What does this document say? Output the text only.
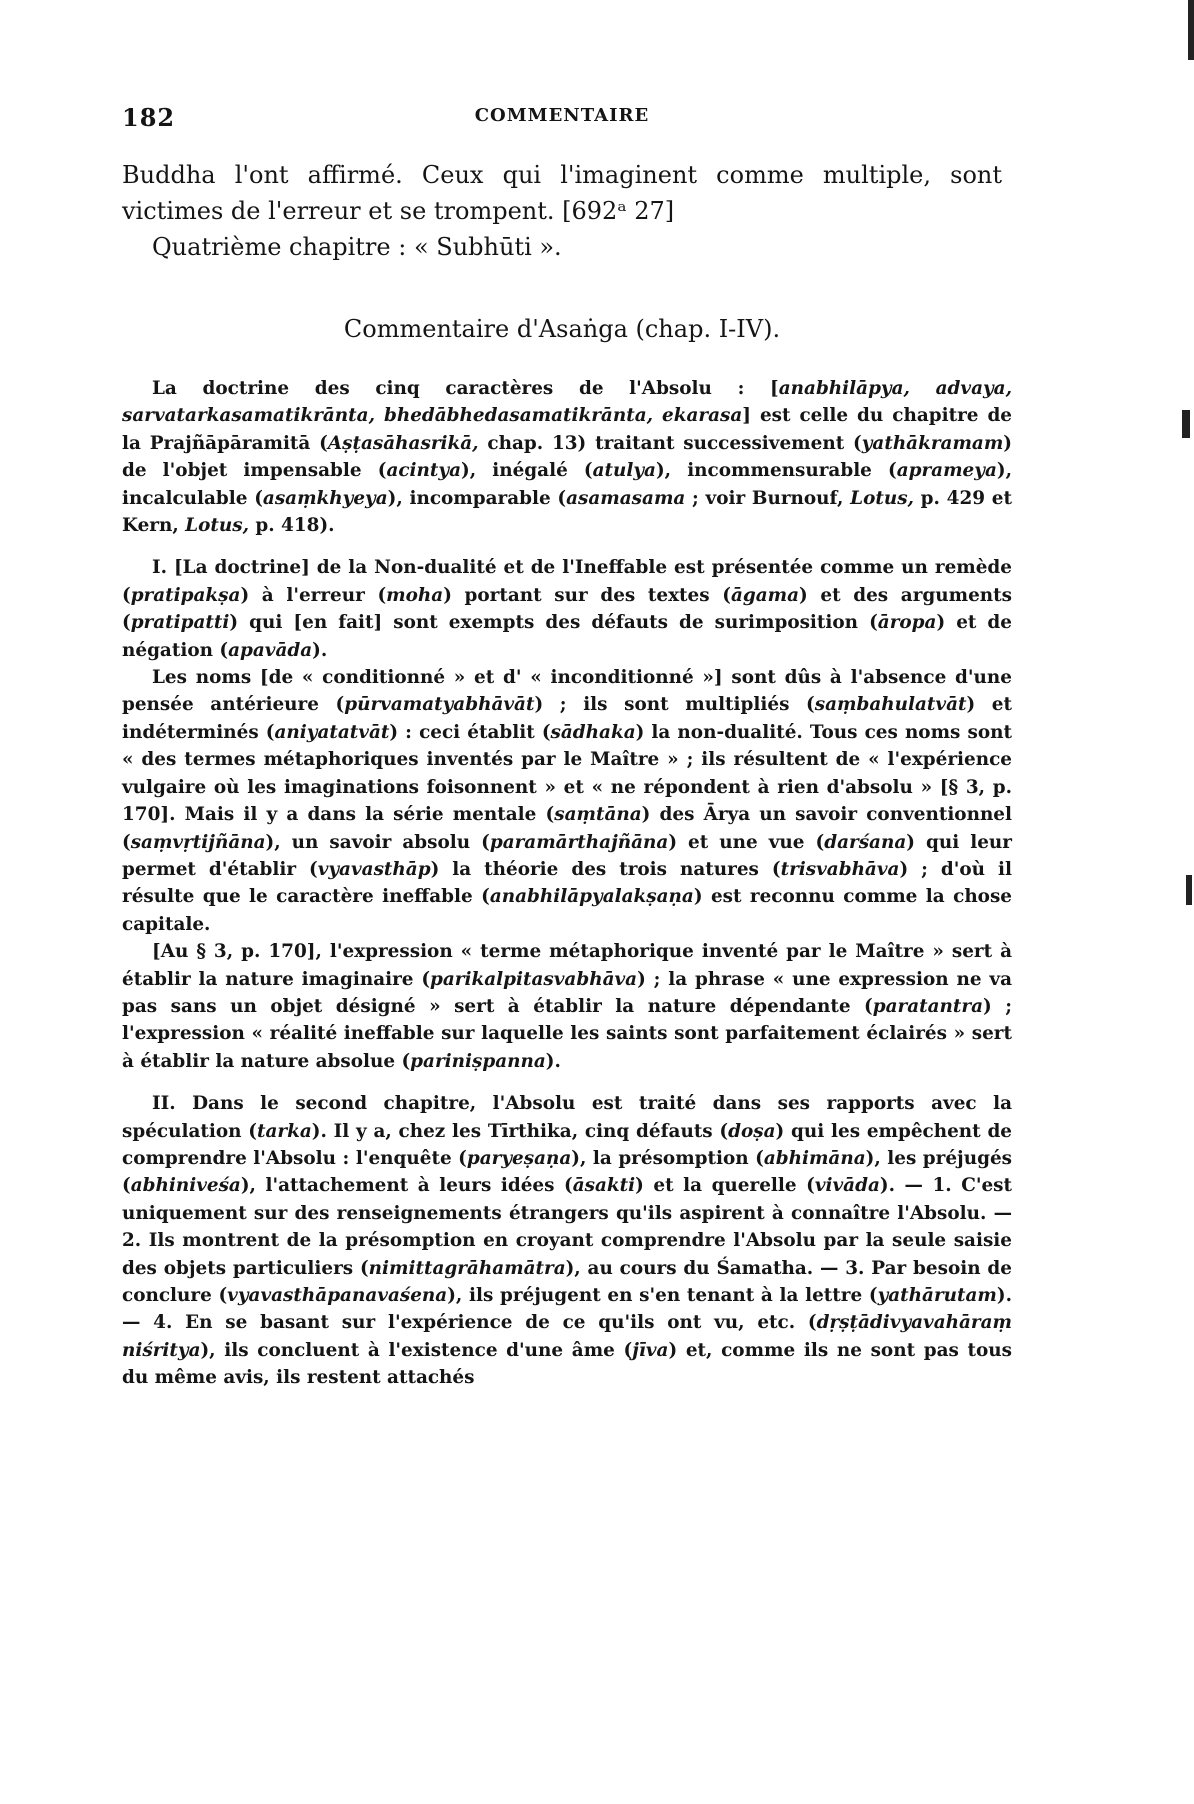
182	COMMENTAIRE

Buddha l'ont affirmé. Ceux qui l'imaginent comme multiple, sont victimes de l'erreur et se trompent. [692ᵃ 27]

Quatrième chapitre : « Subhūti ».

Commentaire d'Asaṅga (chap. I-IV).

La doctrine des cinq caractères de l'Absolu : [anabhilāpya, advaya, sarvatarkasamatikrānta, bhedābhedasamatikrānta, ekarasa] est celle du chapitre de la Prajñāpāramitā (Aṣṭasāhasrikā, chap. 13) traitant successivement (yathākramam) de l'objet impensable (acintya), inégalé (atulya), incommensurable (aprameya), incalculable (asaṃkhyeya), incomparable (asamasama ; voir Burnouf, Lotus, p. 429 et Kern, Lotus, p. 418).

I. [La doctrine] de la Non-dualité et de l'Ineffable est présentée comme un remède (pratipakṣa) à l'erreur (moha) portant sur des textes (āgama) et des arguments (pratipatti) qui [en fait] sont exempts des défauts de surimposition (āropa) et de négation (apavāda).

Les noms [de « conditionné » et d' « inconditionné »] sont dûs à l'absence d'une pensée antérieure (pūrvamatyabhāvāt) ; ils sont multipliés (saṃbahulatvāt) et indéterminés (aniyatatvāt) : ceci établit (sādhaka) la non-dualité. Tous ces noms sont « des termes métaphoriques inventés par le Maître » ; ils résultent de « l'expérience vulgaire où les imaginations foisonnent » et « ne répondent à rien d'absolu » [§ 3, p. 170]. Mais il y a dans la série mentale (saṃtāna) des Ārya un savoir conventionnel (saṃvṛtijñāna), un savoir absolu (paramārthajñāna) et une vue (darśana) qui leur permet d'établir (vyavasthāp) la théorie des trois natures (trisvabhāva) ; d'où il résulte que le caractère ineffable (anabhilāpyalakṣaṇa) est reconnu comme la chose capitale.

[Au § 3, p. 170], l'expression « terme métaphorique inventé par le Maître » sert à établir la nature imaginaire (parikalpitasvabhāva) ; la phrase « une expression ne va pas sans un objet désigné » sert à établir la nature dépendante (paratantra) ; l'expression « réalité ineffable sur laquelle les saints sont parfaitement éclairés » sert à établir la nature absolue (pariniṣpanna).

II. Dans le second chapitre, l'Absolu est traité dans ses rapports avec la spéculation (tarka). Il y a, chez les Tīrthika, cinq défauts (doṣa) qui les empêchent de comprendre l'Absolu : l'enquête (paryeṣaṇa), la présomption (abhimāna), les préjugés (abhiniveśa), l'attachement à leurs idées (āsakti) et la querelle (vivāda). — 1. C'est uniquement sur des renseignements étrangers qu'ils aspirent à connaître l'Absolu. — 2. Ils montrent de la présomption en croyant comprendre l'Absolu par la seule saisie des objets particuliers (nimittagrāhamātra), au cours du Śamatha. — 3. Par besoin de conclure (vyavasthāpanavaśena), ils préjugent en s'en tenant à la lettre (yathārutam). — 4. En se basant sur l'expérience de ce qu'ils ont vu, etc. (dṛṣṭādivyavahāraṃ niśritya), ils concluent à l'existence d'une âme (jīva) et, comme ils ne sont pas tous du même avis, ils restent attachés
